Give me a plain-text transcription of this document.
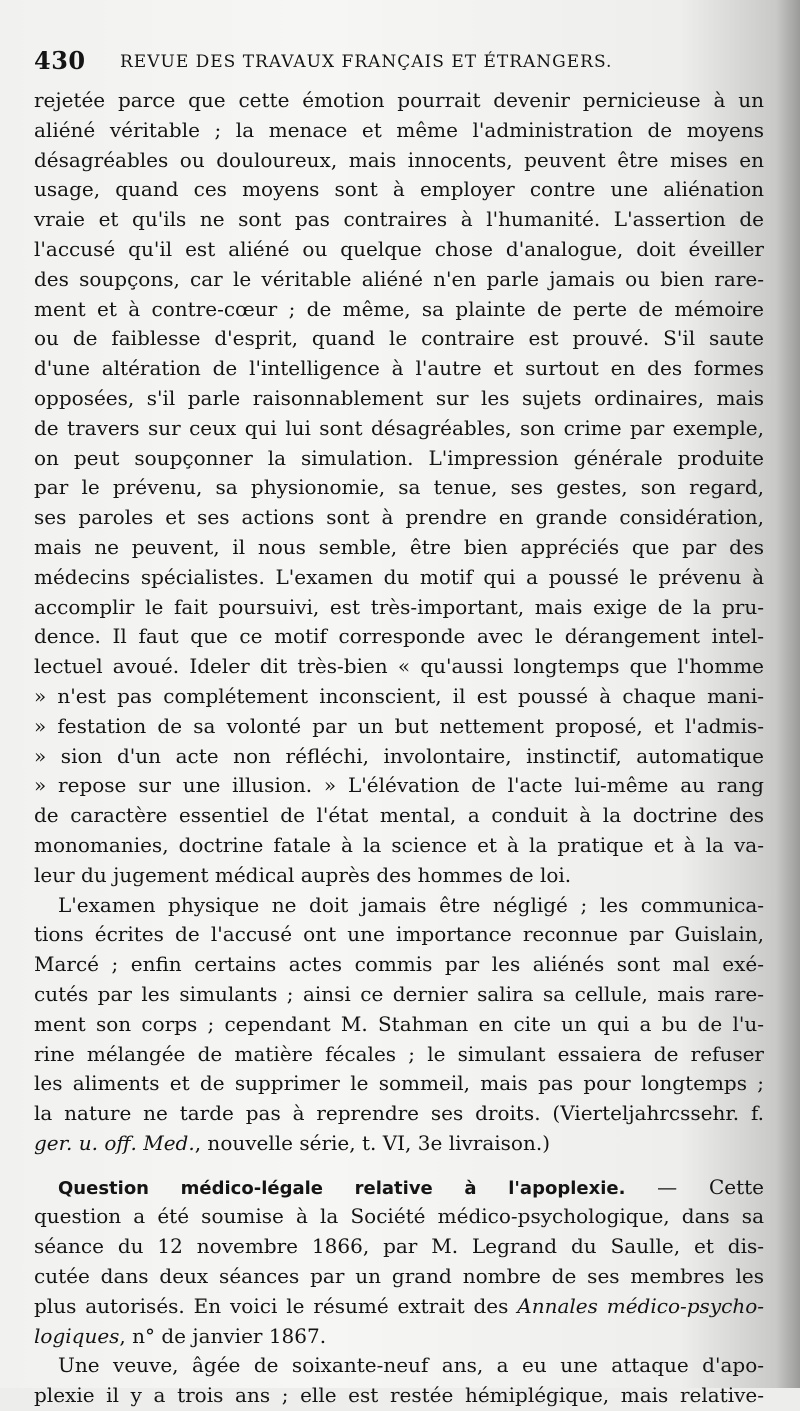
430 REVUE DES TRAVAUX FRANÇAIS ET ÉTRANGERS.
rejetée parce que cette émotion pourrait devenir pernicieuse à un
aliéné véritable ; la menace et même l'administration de moyens
désagréables ou douloureux, mais innocents, peuvent être mises en
usage, quand ces moyens sont à employer contre une aliénation
vraie et qu'ils ne sont pas contraires à l'humanité. L'assertion de
l'accusé qu'il est aliéné ou quelque chose d'analogue, doit éveiller
des soupçons, car le véritable aliéné n'en parle jamais ou bien rare-
ment et à contre-cœur ; de même, sa plainte de perte de mémoire
ou de faiblesse d'esprit, quand le contraire est prouvé. S'il saute
d'une altération de l'intelligence à l'autre et surtout en des formes
opposées, s'il parle raisonnablement sur les sujets ordinaires, mais
de travers sur ceux qui lui sont désagréables, son crime par exemple,
on peut soupçonner la simulation. L'impression générale produite
par le prévenu, sa physionomie, sa tenue, ses gestes, son regard,
ses paroles et ses actions sont à prendre en grande considération,
mais ne peuvent, il nous semble, être bien appréciés que par des
médecins spécialistes. L'examen du motif qui a poussé le prévenu à
accomplir le fait poursuivi, est très-important, mais exige de la pru-
dence. Il faut que ce motif corresponde avec le dérangement intel-
lectuel avoué. Ideler dit très-bien « qu'aussi longtemps que l'homme
» n'est pas complétement inconscient, il est poussé à chaque mani-
» festation de sa volonté par un but nettement proposé, et l'admis-
» sion d'un acte non réfléchi, involontaire, instinctif, automatique
» repose sur une illusion. » L'élévation de l'acte lui-même au rang
de caractère essentiel de l'état mental, a conduit à la doctrine des
monomanies, doctrine fatale à la science et à la pratique et à la va-
leur du jugement médical auprès des hommes de loi.
L'examen physique ne doit jamais être négligé ; les communica-
tions écrites de l'accusé ont une importance reconnue par Guislain,
Marcé ; enfin certains actes commis par les aliénés sont mal exé-
cutés par les simulants ; ainsi ce dernier salira sa cellule, mais rare-
ment son corps ; cependant M. Stahman en cite un qui a bu de l'u-
rine mélangée de matière fécales ; le simulant essaiera de refuser
les aliments et de supprimer le sommeil, mais pas pour longtemps ;
la nature ne tarde pas à reprendre ses droits. (Vierteljahrcssehr. f.
ger. u. off. Med., nouvelle série, t. VI, 3e livraison.)
Question médico-légale relative à l'apoplexie. — Cette
question a été soumise à la Société médico-psychologique, dans sa
séance du 12 novembre 1866, par M. Legrand du Saulle, et dis-
cutée dans deux séances par un grand nombre de ses membres les
plus autorisés. En voici le résumé extrait des Annales médico-psycho-
logiques, n° de janvier 1867.
Une veuve, âgée de soixante-neuf ans, a eu une attaque d'apo-
plexie il y a trois ans ; elle est restée hémiplégique, mais relative-
